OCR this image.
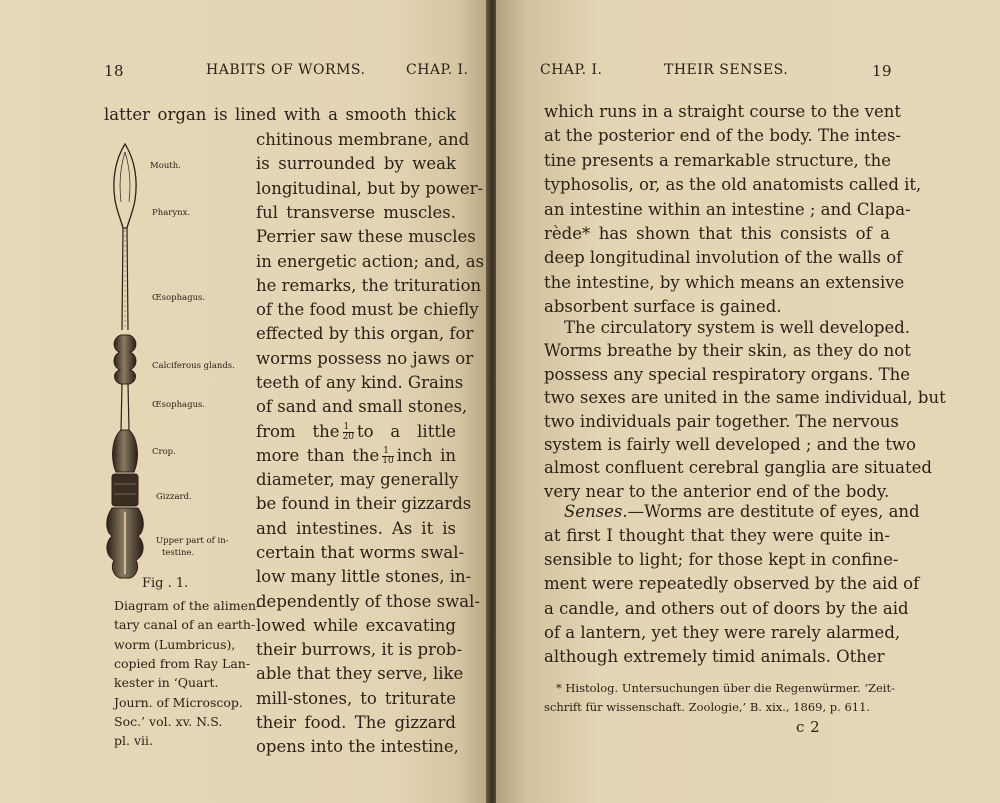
18	HABITS OF WORMS.	CHAP. I.
latter organ is lined with a smooth thick
chitinous membrane, and
is surrounded by weak
longitudinal, but by power-
ful transverse muscles.
Perrier saw these muscles
in energetic action; and, as
he remarks, the trituration
of the food must be chiefly
effected by this organ, for
worms possess no jaws or
teeth of any kind. Grains
of sand and small stones,
from the $\frac{1}{20}$ to a little
more than the $\frac{1}{10}$ inch in
diameter, may generally
be found in their gizzards
and intestines. As it is
certain that worms swal-
low many little stones, in-
dependently of those swal-
lowed while excavating
their burrows, it is prob-
able that they serve, like
mill-stones, to triturate
their food. The gizzard
opens into the intestine,
Mouth.
Pharynx.
Œsophagus.
Calciferous glands.
Œsophagus.
Crop.
Gizzard.
Upper part of in-
testine.
Fig . 1.
Diagram of the alimen-
tary canal of an earth-
worm (Lumbricus),
copied from Ray Lan-
kester in ‘Quart.
Journ. of Microscop.
Soc.’ vol. xv. N.S.
pl. vii.
CHAP. I.	THEIR SENSES.	19
which runs in a straight course to the vent
at the posterior end of the body. The intes-
tine presents a remarkable structure, the
typhosolis, or, as the old anatomists called it,
an intestine within an intestine ; and Clapa-
rède* has shown that this consists of a
deep longitudinal involution of the walls of
the intestine, by which means an extensive
absorbent surface is gained.
The circulatory system is well developed.
Worms breathe by their skin, as they do not
possess any special respiratory organs. The
two sexes are united in the same individual, but
two individuals pair together. The nervous
system is fairly well developed ; and the two
almost confluent cerebral ganglia are situated
very near to the anterior end of the body.
Senses.—Worms are destitute of eyes, and
at first I thought that they were quite in-
sensible to light; for those kept in confine-
ment were repeatedly observed by the aid of
a candle, and others out of doors by the aid
of a lantern, yet they were rarely alarmed,
although extremely timid animals. Other
* Histolog. Untersuchungen über die Regenwürmer. ‘Zeit-
schrift für wissenschaft. Zoologie,’ B. xix., 1869, p. 611.
c 2
